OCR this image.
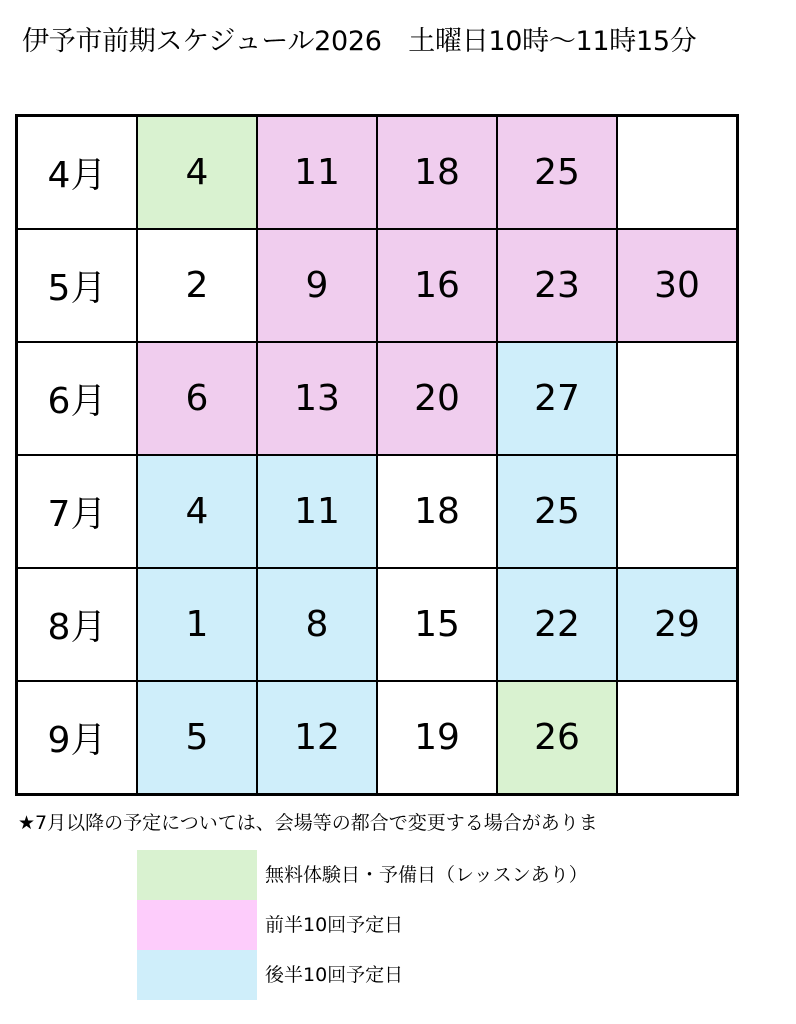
伊予市前期スケジュール2026　土曜日10時～11時15分
4月	4	11	18	25	
5月	2	9	16	23	30
6月	6	13	20	27	
7月	4	11	18	25	
8月	1	8	15	22	29
9月	5	12	19	26	
★7月以降の予定については、会場等の都合で変更する場合がありま
無料体験日・予備日（レッスンあり）
前半10回予定日
後半10回予定日
